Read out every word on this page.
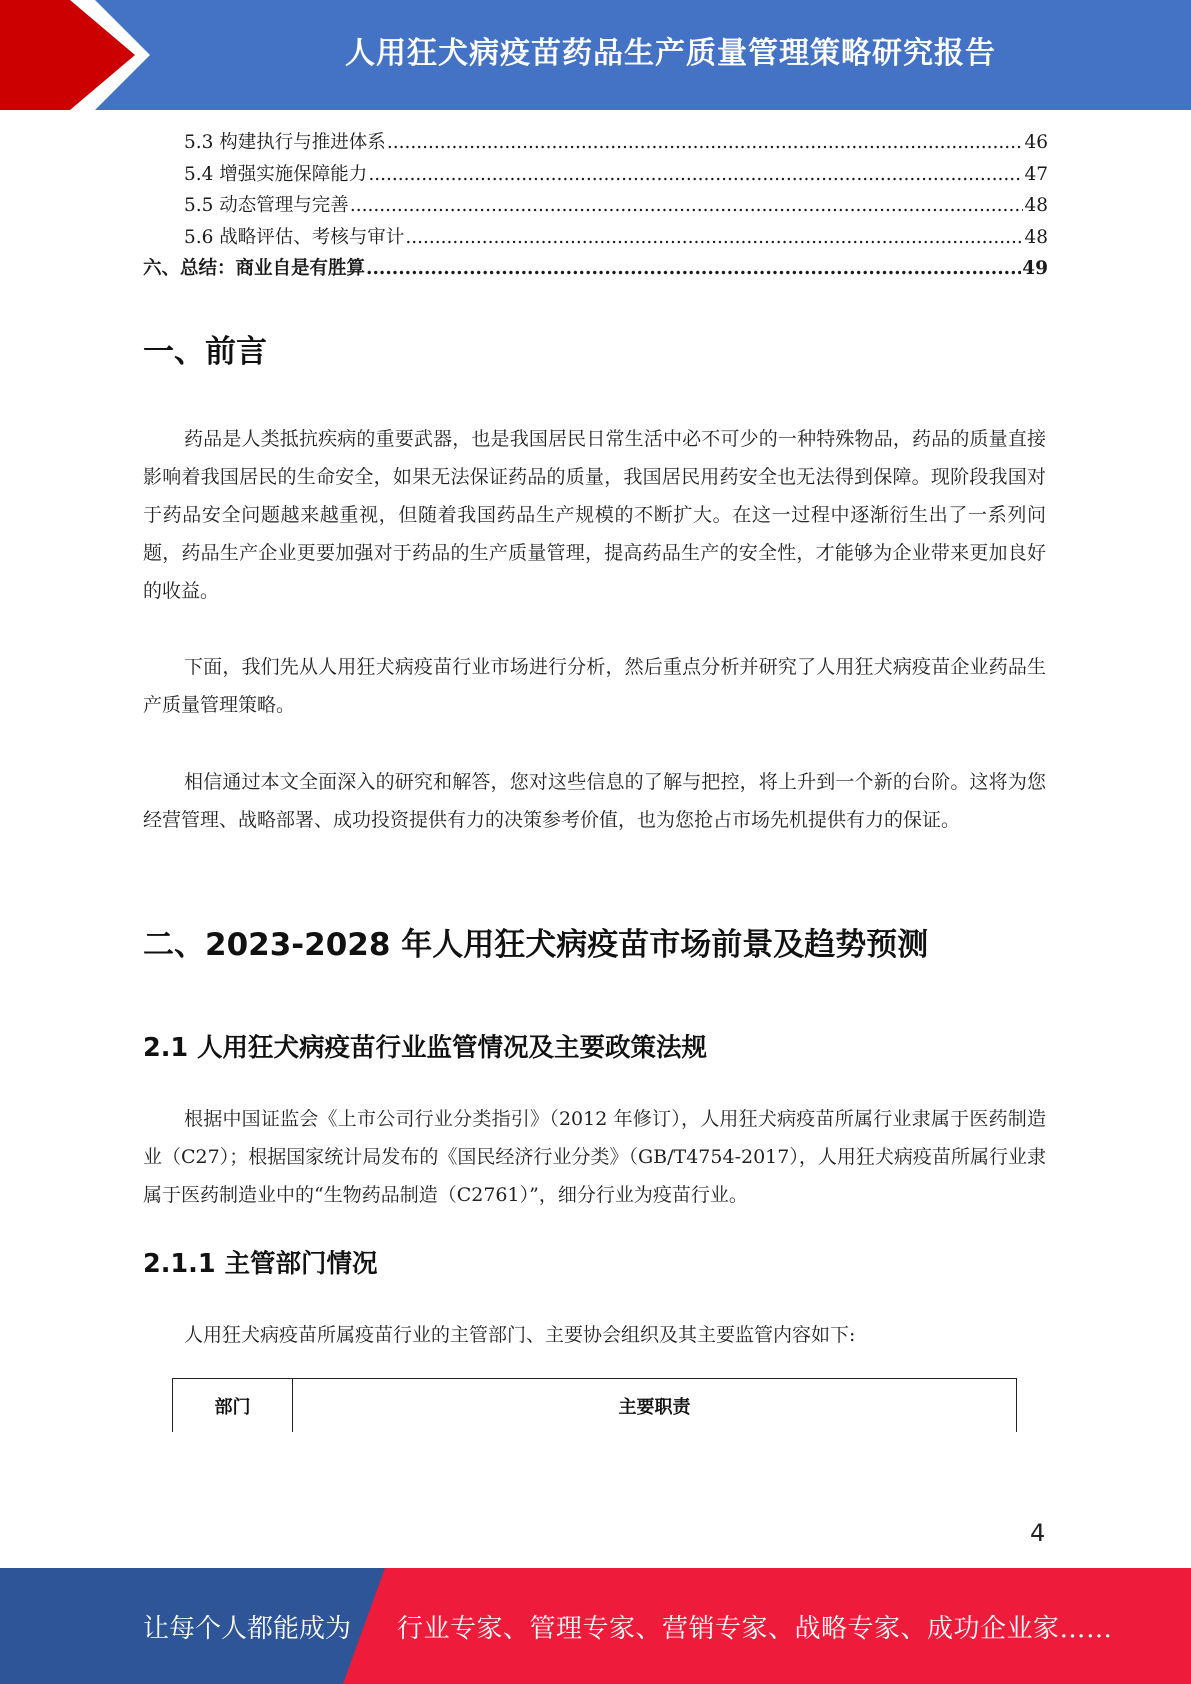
人用狂犬病疫苗药品生产质量管理策略研究报告
5.3 构建执行与推进体系 .....	46
5.4 增强实施保障能力 .....	47
5.5 动态管理与完善 .....	48
5.6 战略评估、考核与审计 .....	48
六、总结：商业自是有胜算 .....	49
一、前言

药品是人类抵抗疾病的重要武器，也是我国居民日常生活中必不可少的一种特殊物品，药品的质量直接影响着我国居民的生命安全，如果无法保证药品的质量，我国居民用药安全也无法得到保障。现阶段我国对于药品安全问题越来越重视，但随着我国药品生产规模的不断扩大。在这一过程中逐渐衍生出了一系列问题，药品生产企业更要加强对于药品的生产质量管理，提高药品生产的安全性，才能够为企业带来更加良好的收益。

下面，我们先从人用狂犬病疫苗行业市场进行分析，然后重点分析并研究了人用狂犬病疫苗企业药品生产质量管理策略。

相信通过本文全面深入的研究和解答，您对这些信息的了解与把控，将上升到一个新的台阶。这将为您经营管理、战略部署、成功投资提供有力的决策参考价值，也为您抢占市场先机提供有力的保证。

二、2023-2028 年人用狂犬病疫苗市场前景及趋势预测
2.1 人用狂犬病疫苗行业监管情况及主要政策法规

根据中国证监会《上市公司行业分类指引》（2012 年修订），人用狂犬病疫苗所属行业隶属于医药制造业（C27）；根据国家统计局发布的《国民经济行业分类》（GB/T4754-2017），人用狂犬病疫苗所属行业隶属于医药制造业中的“生物药品制造（C2761）”，细分行业为疫苗行业。

2.1.1 主管部门情况

人用狂犬病疫苗所属疫苗行业的主管部门、主要协会组织及其主要监管内容如下:

部门	主要职责
4
让每个人都能成为 行业专家、管理专家、营销专家、战略专家、成功企业家……
